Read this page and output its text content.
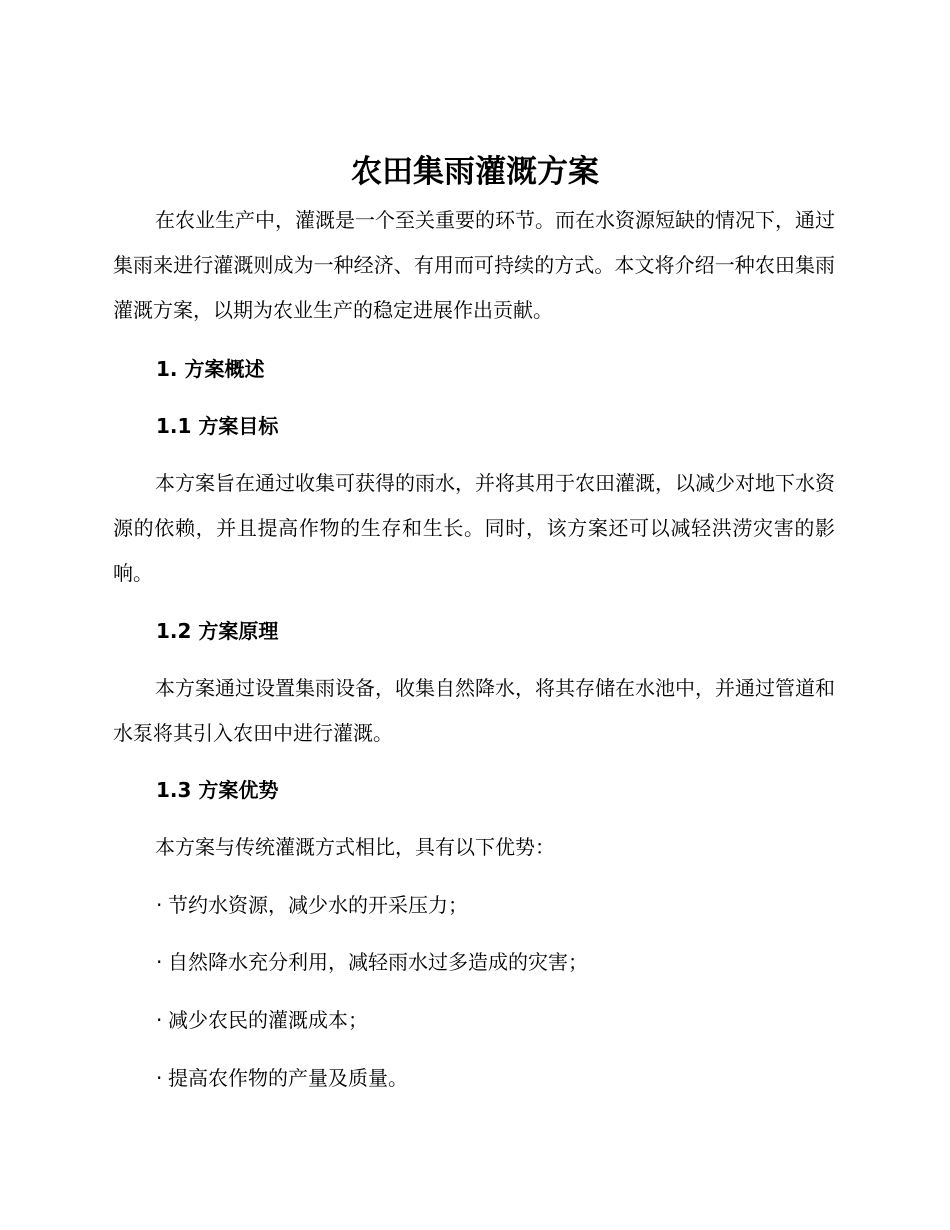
农田集雨灌溉方案

在农业生产中，灌溉是一个至关重要的环节。而在水资源短缺的情况下，通过集雨来进行灌溉则成为一种经济、有用而可持续的方式。本文将介绍一种农田集雨灌溉方案，以期为农业生产的稳定进展作出贡献。

1. 方案概述
1.1 方案目标

本方案旨在通过收集可获得的雨水，并将其用于农田灌溉，以减少对地下水资源的依赖，并且提高作物的生存和生长。同时，该方案还可以减轻洪涝灾害的影响。

1.2 方案原理

本方案通过设置集雨设备，收集自然降水，将其存储在水池中，并通过管道和水泵将其引入农田中进行灌溉。

1.3 方案优势

本方案与传统灌溉方式相比，具有以下优势：

· 节约水资源，减少水的开采压力；
· 自然降水充分利用，减轻雨水过多造成的灾害；
· 减少农民的灌溉成本；
· 提高农作物的产量及质量。
